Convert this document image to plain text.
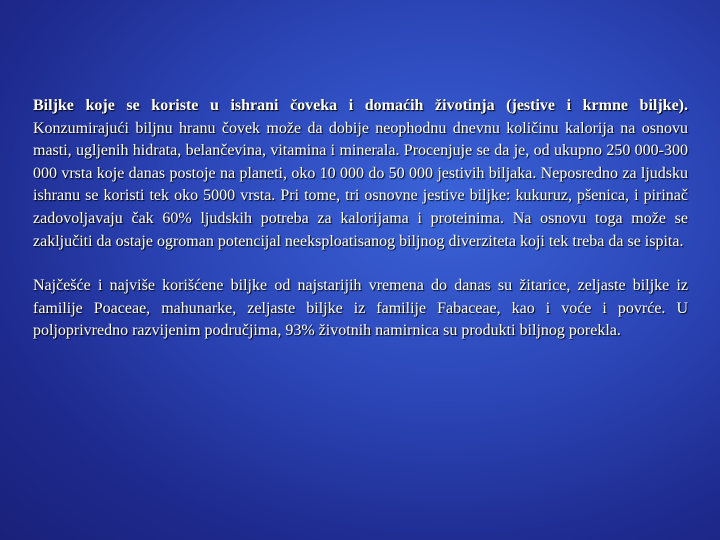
Biljke koje se koriste u ishrani čoveka i domaćih životinja (jestive i krmne biljke). Konzumirajući biljnu hranu čovek može da dobije neophodnu dnevnu količinu kalorija na osnovu masti, ugljenih hidrata, belančevina, vitamina i minerala. Procenjuje se da je, od ukupno 250 000-300 000 vrsta koje danas postoje na planeti, oko 10 000 do 50 000 jestivih biljaka. Neposredno za ljudsku ishranu se koristi tek oko 5000 vrsta. Pri tome, tri osnovne jestive biljke: kukuruz, pšenica, i pirinač zadovoljavaju čak 60% ljudskih potreba za kalorijama i proteinima. Na osnovu toga može se zaključiti da ostaje ogroman potencijal neeksploatisanog biljnog diverziteta koji tek treba da se ispita.

Najčešće i najviše korišćene biljke od najstarijih vremena do danas su žitarice, zeljaste biljke iz familije Poaceae, mahunarke, zeljaste biljke iz familije Fabaceae, kao i voće i povrće. U poljoprivredno razvijenim područjima, 93% životnih namirnica su produkti biljnog porekla.
